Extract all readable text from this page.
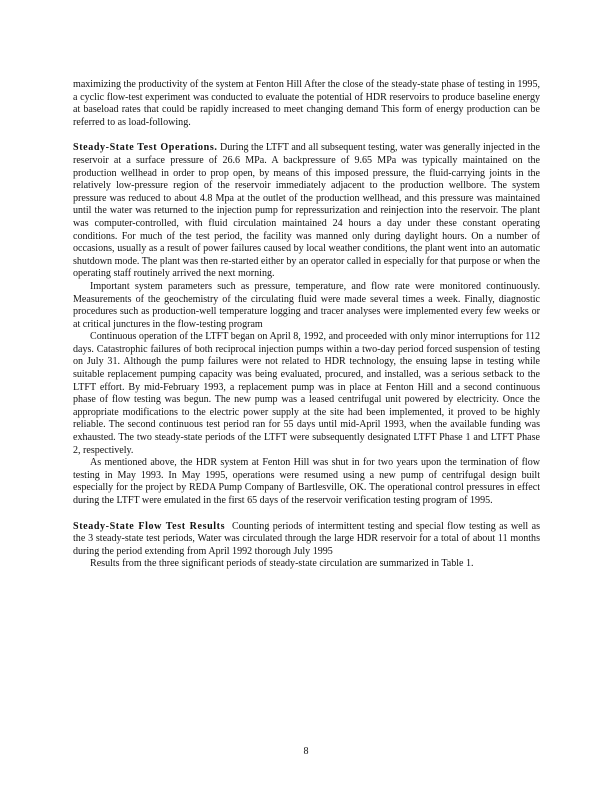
maximizing the productivity of the system at Fenton Hill After the close of the steady-state phase of testing in 1995, a cyclic flow-test experiment was conducted to evaluate the potential of HDR reservoirs to produce baseline energy at baseload rates that could be rapidly increased to meet changing demand This form of energy production can be referred to as load-following.

Steady-State Test Operations. During the LTFT and all subsequent testing, water was generally injected in the reservoir at a surface pressure of 26.6 MPa. A backpressure of 9.65 MPa was typically maintained on the production wellhead in order to prop open, by means of this imposed pressure, the fluid-carrying joints in the relatively low-pressure region of the reservoir immediately adjacent to the production wellbore. The system pressure was reduced to about 4.8 Mpa at the outlet of the production wellhead, and this pressure was maintained until the water was returned to the injection pump for repressurization and reinjection into the reservoir. The plant was computer-controlled, with fluid circulation maintained 24 hours a day under these constant operating conditions. For much of the test period, the facility was manned only during daylight hours. On a number of occasions, usually as a result of power failures caused by local weather conditions, the plant went into an automatic shutdown mode. The plant was then re-started either by an operator called in especially for that purpose or when the operating staff routinely arrived the next morning.

Important system parameters such as pressure, temperature, and flow rate were monitored continuously. Measurements of the geochemistry of the circulating fluid were made several times a week. Finally, diagnostic procedures such as production-well temperature logging and tracer analyses were implemented every few weeks or at critical junctures in the flow-testing program

Continuous operation of the LTFT began on April 8, 1992, and proceeded with only minor interruptions for 112 days. Catastrophic failures of both reciprocal injection pumps within a two-day period forced suspension of testing on July 31. Although the pump failures were not related to HDR technology, the ensuing lapse in testing while suitable replacement pumping capacity was being evaluated, procured, and installed, was a serious setback to the LTFT effort. By mid-February 1993, a replacement pump was in place at Fenton Hill and a second continuous phase of flow testing was begun. The new pump was a leased centrifugal unit powered by electricity. Once the appropriate modifications to the electric power supply at the site had been implemented, it proved to be highly reliable. The second continuous test period ran for 55 days until mid-April 1993, when the available funding was exhausted. The two steady-state periods of the LTFT were subsequently designated LTFT Phase 1 and LTFT Phase 2, respectively.

As mentioned above, the HDR system at Fenton Hill was shut in for two years upon the termination of flow testing in May 1993. In May 1995, operations were resumed using a new pump of centrifugal design built especially for the project by REDA Pump Company of Bartlesville, OK. The operational control pressures in effect during the LTFT were emulated in the first 65 days of the reservoir verification testing program of 1995.

Steady-State Flow Test Results Counting periods of intermittent testing and special flow testing as well as the 3 steady-state test periods, Water was circulated through the large HDR reservoir for a total of about 11 months during the period extending from April 1992 thorough July 1995

Results from the three significant periods of steady-state circulation are summarized in Table 1.

8
